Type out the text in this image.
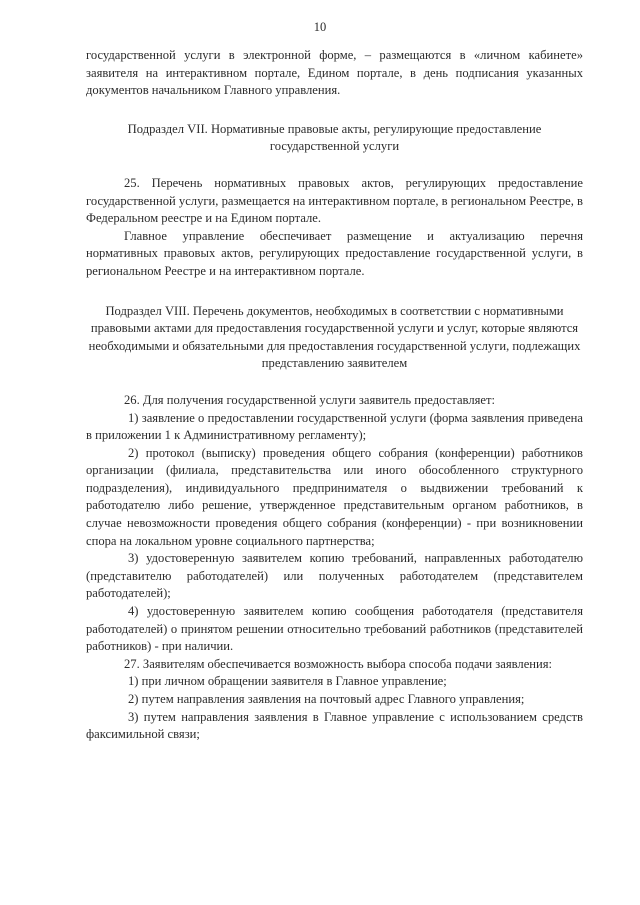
10

государственной услуги в электронной форме, – размещаются в «личном кабинете» заявителя на интерактивном портале, Едином портале, в день подписания указанных документов начальником Главного управления.

Подраздел VII. Нормативные правовые акты, регулирующие предоставление государственной услуги

25. Перечень нормативных правовых актов, регулирующих предоставление государственной услуги, размещается на интерактивном портале, в региональном Реестре, в Федеральном реестре и на Едином портале.

Главное управление обеспечивает размещение и актуализацию перечня нормативных правовых актов, регулирующих предоставление государственной услуги, в региональном Реестре и на интерактивном портале.

Подраздел VIII. Перечень документов, необходимых в соответствии с нормативными правовыми актами для предоставления государственной услуги и услуг, которые являются необходимыми и обязательными для предоставления государственной услуги, подлежащих представлению заявителем

26. Для получения государственной услуги заявитель предоставляет:

1) заявление о предоставлении государственной услуги (форма заявления приведена в приложении 1 к Административному регламенту);

2) протокол (выписку) проведения общего собрания (конференции) работников организации (филиала, представительства или иного обособленного структурного подразделения), индивидуального предпринимателя о выдвижении требований к работодателю либо решение, утвержденное представительным органом работников, в случае невозможности проведения общего собрания (конференции) - при возникновении спора на локальном уровне социального партнерства;

3) удостоверенную заявителем копию требований, направленных работодателю (представителю работодателей) или полученных работодателем (представителем работодателей);

4) удостоверенную заявителем копию сообщения работодателя (представителя работодателей) о принятом решении относительно требований работников (представителей работников) - при наличии.

27. Заявителям обеспечивается возможность выбора способа подачи заявления:

1) при личном обращении заявителя в Главное управление;

2) путем направления заявления на почтовый адрес Главного управления;

3) путем направления заявления в Главное управление с использованием средств факсимильной связи;
